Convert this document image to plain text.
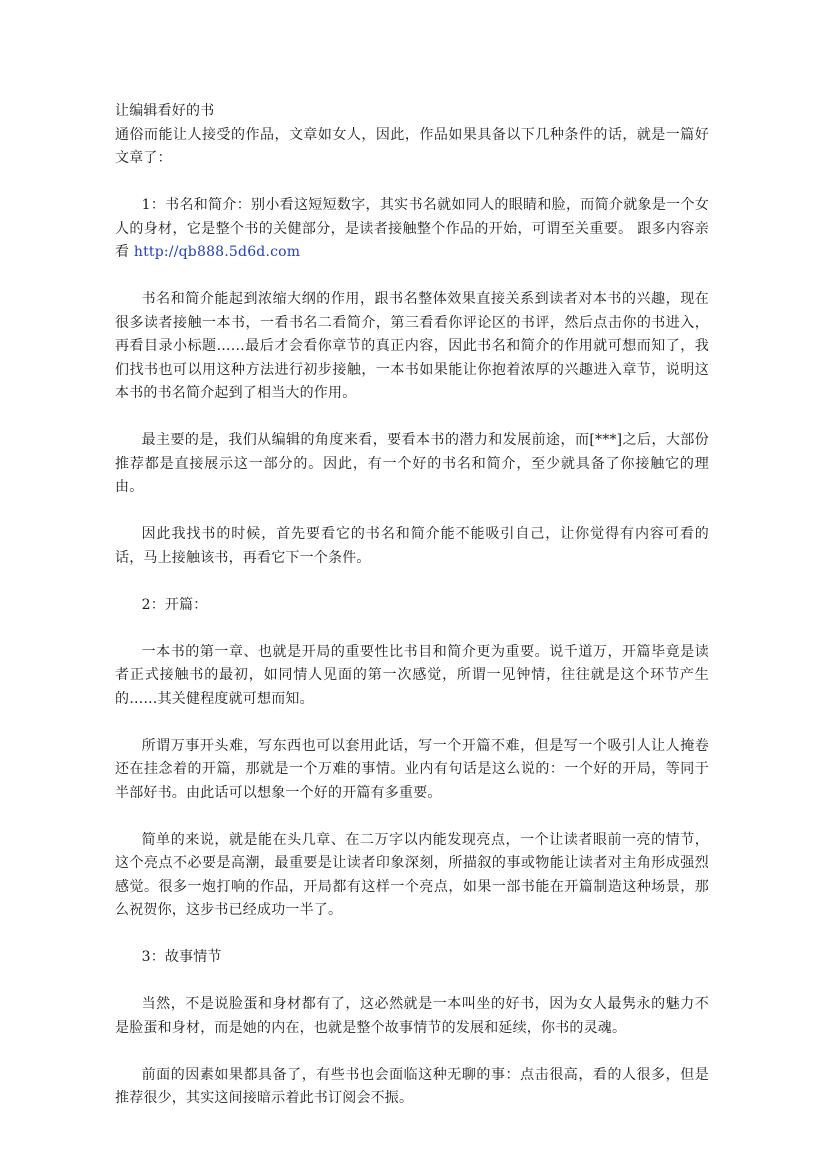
让编辑看好的书

通俗而能让人接受的作品，文章如女人，因此，作品如果具备以下几种条件的话，就是一篇好文章了：

1：书名和简介：别小看这短短数字，其实书名就如同人的眼睛和脸，而简介就象是一个女人的身材，它是整个书的关健部分，是读者接触整个作品的开始，可谓至关重要。 跟多内容亲看 http://qb888.5d6d.com

书名和简介能起到浓缩大纲的作用，跟书名整体效果直接关系到读者对本书的兴趣，现在很多读者接触一本书，一看书名二看简介，第三看看你评论区的书评，然后点击你的书进入，再看目录小标题……最后才会看你章节的真正内容，因此书名和简介的作用就可想而知了，我们找书也可以用这种方法进行初步接触，一本书如果能让你抱着浓厚的兴趣进入章节，说明这本书的书名简介起到了相当大的作用。

最主要的是，我们从编辑的角度来看，要看本书的潜力和发展前途，而[***]之后，大部份推荐都是直接展示这一部分的。因此，有一个好的书名和简介，至少就具备了你接触它的理由。

因此我找书的时候，首先要看它的书名和简介能不能吸引自己，让你觉得有内容可看的话，马上接触该书，再看它下一个条件。

2：开篇：

一本书的第一章、也就是开局的重要性比书目和简介更为重要。说千道万，开篇毕竟是读者正式接触书的最初，如同情人见面的第一次感觉，所谓一见钟情，往往就是这个环节产生的……其关健程度就可想而知。

所谓万事开头难，写东西也可以套用此话，写一个开篇不难，但是写一个吸引人让人掩卷还在挂念着的开篇，那就是一个万难的事情。业内有句话是这么说的：一个好的开局，等同于半部好书。由此话可以想象一个好的开篇有多重要。

简单的来说，就是能在头几章、在二万字以内能发现亮点，一个让读者眼前一亮的情节，这个亮点不必要是高潮，最重要是让读者印象深刻，所描叙的事或物能让读者对主角形成强烈感觉。很多一炮打响的作品，开局都有这样一个亮点，如果一部书能在开篇制造这种场景，那么祝贺你，这步书已经成功一半了。

3：故事情节

当然，不是说脸蛋和身材都有了，这必然就是一本叫坐的好书，因为女人最隽永的魅力不是脸蛋和身材，而是她的内在，也就是整个故事情节的发展和延续，你书的灵魂。

前面的因素如果都具备了，有些书也会面临这种无聊的事：点击很高，看的人很多，但是推荐很少，其实这间接暗示着此书订阅会不振。
